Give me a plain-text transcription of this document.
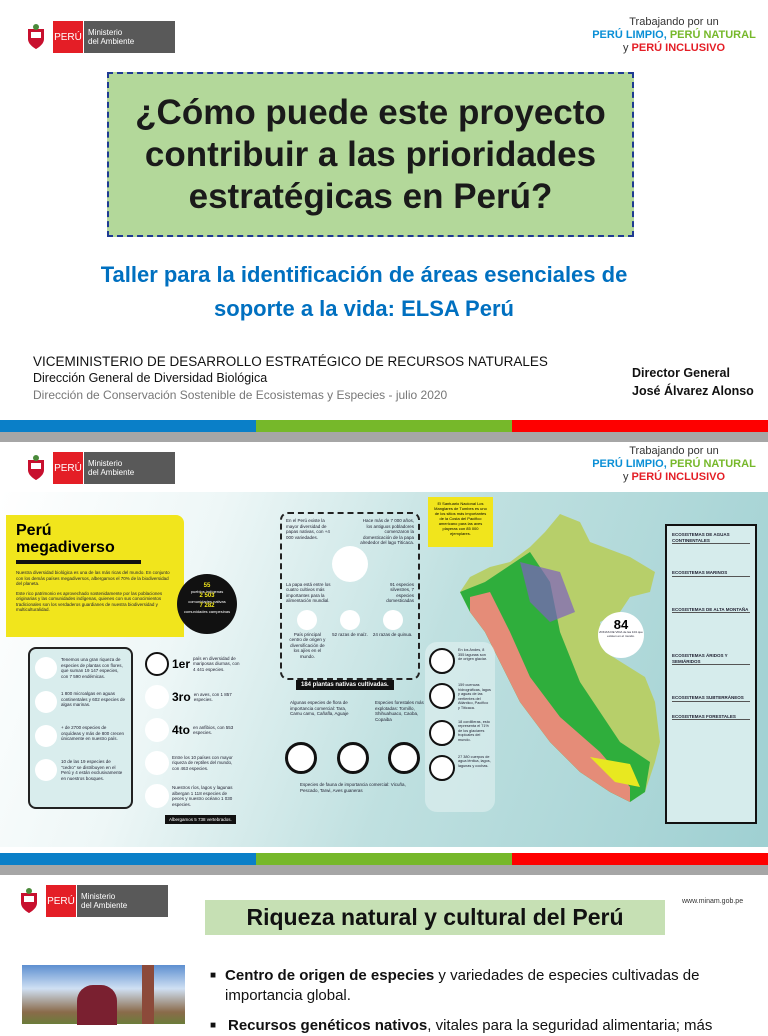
PERÚ Ministerio
del Ambiente
Trabajando por un
PERÚ LIMPIO, PERÚ NATURAL
y PERÚ INCLUSIVO
¿Cómo puede este proyecto contribuir a las prioridades estratégicas en Perú?
Taller para la identificación de áreas esenciales de
soporte a la vida: ELSA Perú
VICEMINISTERIO DE DESARROLLO ESTRATÉGICO DE RECURSOS NATURALES
Dirección General de Diversidad Biológica
Dirección de Conservación Sostenible de Ecosistemas y Especies - julio 2020
Director General
José Álvarez Alonso
PERÚ Ministerio
del Ambiente
Trabajando por un
PERÚ LIMPIO, PERÚ NATURAL
y PERÚ INCLUSIVO
Perú
megadiverso
Nuestra diversidad biológica es una de las más ricas del mundo. En conjunto con los demás países megadiversos, albergamos el 70% de la biodiversidad del planeta.
Este rico patrimonio es aprovechado sostenidamente por las poblaciones originarias y las comunidades indígenas, quienes con sus conocimientos tradicionales son los verdaderos guardianes de nuestra biodiversidad y multiculturalidad.
55
pueblos indígenas
2 503
comunidades nativas
7 282
comunidades campesinas
Tenemos una gran riqueza de especies de plantas con flores, que suman 19 147 especies, con 7 590 endémicas.
1 800 microalgas en aguas continentales y 602 especies de algas marinas.
+ de 2700 especies de orquídeas y más de 800 crecen únicamente en nuestro país.
10 de las 19 especies de "cedro" se distribuyen en el Perú y 4 están exclusivamente en nuestros bosques.
1er país en diversidad de mariposas diurnas, con 4 441 especies.
3ro en aves, con 1 857 especies.
4to en anfibios, con 553 especies.
Entre los 10 países con mayor riqueza de reptiles del mundo, con 463 especies.
Nuestros ríos, lagos y lagunas albergan 1 118 especies de peces y nuestro océano 1 030 especies.
Albergamos 5 738 vertebrados.
En el Perú existe la mayor diversidad de papas nativas, con +4 000 variedades.
Hace más de 7 000 años, los antiguos pobladores comenzaron la domesticación de la papa alrededor del lago Titicaca.
La papa está entre los cuatro cultivos más importantes para la alimentación mundial.
91 especies silvestres, 7 especies domesticadas
País principal centro de origen y diversificación de los ajíes en el mundo.
52 razas de maíz.	24 razas de quinua.
184 plantas nativas cultivadas.
Algunas especies de flora de importancia comercial: Tara, Camu camu, Cañafla, Aguaje
Especies forestales más explotadas: Tornillo, Shihuahuaco, Caoba, Copaiba
Especies de fauna de importancia comercial: Vicuña, Pescado, Tarwi, Aves guaneras
El Santuario Nacional Los Manglares de Tumbes es uno de los sitios más importantes de la Costa del Pacífico americano para las aves playeras con 85 000 ejemplares.
En los Andes, 8 355 lagunas son de origen glaciar.
159 cuencas hidrográficas, lagos y aguas de las vertientes del Atlántico, Pacífico y Titicaca.
18 cordilleras, esto representa el 71% de los glaciares tropicales del mundo.
27 380 cuerpos de agua léntica, lagos, lagunas y cochas.
84
ZONAS DE VIDA de las 104 que existen en el mundo.
ECOSISTEMAS DE AGUAS CONTINENTALES
ECOSISTEMAS MARINOS
ECOSISTEMAS DE ALTA MONTAÑA
ECOSISTEMAS ÁRIDOS Y SEMIÁRIDOS
ECOSISTEMAS SUBTERRÁNEOS
ECOSISTEMAS FORESTALES
PERÚ Ministerio
del Ambiente	Riqueza natural y cultural del Perú
www.minam.gob.pe
■ Centro de origen de especies y variedades de especies cultivadas de importancia global.
■ Recursos genéticos nativos, vitales para la seguridad alimentaria; más
